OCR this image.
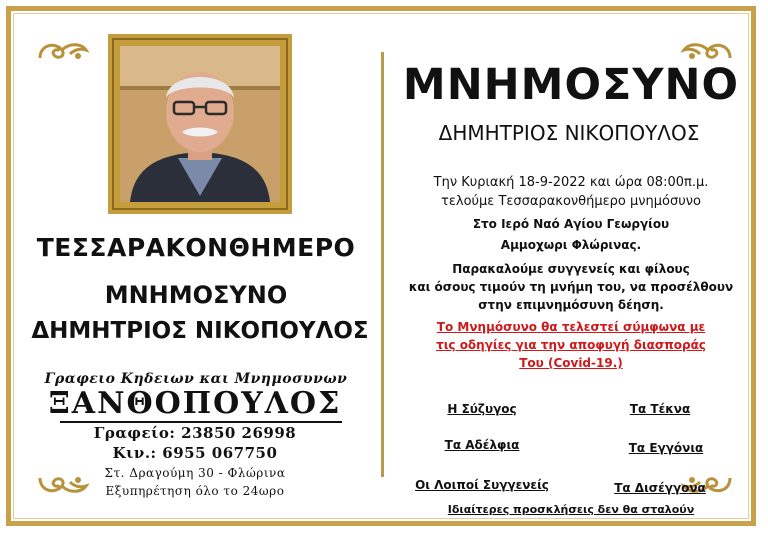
ΤΕΣΣΑΡΑΚΟΝΘΗΜΕΡΟ
ΜΝΗΜΟΣΥΝΟ
ΔΗΜΗΤΡΙΟΣ ΝΙΚΟΠΟΥΛΟΣ
Γραφειο Κηδειων και Μνημοσυνων
ΞΑΝΘΟΠΟΥΛΟΣ
Γραφείο: 23850 26998
Κιν.: 6955 067750
Στ. Δραγούμη 30 - Φλώρινα
Εξυπηρέτηση όλο το 24ωρο
ΜΝΗΜΟΣΥΝΟ
ΔΗΜΗΤΡΙΟΣ ΝΙΚΟΠΟΥΛΟΣ
Την Κυριακή 18-9-2022 και ώρα 08:00π.μ.
τελούμε Τεσσαρακονθήμερο μνημόσυνο
Στο Ιερό Ναό Αγίου Γεωργίου
Αμμοχωρι Φλώρινας.
Παρακαλούμε συγγενείς και φίλους
και όσους τιμούν τη μνήμη του, να προσέλθουν
στην επιμνημόσυνη δέηση.
Το Μνημόσυνο θα τελεστεί σύμφωνα με
τις οδηγίες για την αποφυγή διασποράς
Του (Covid-19.)
Η Σύζυγος	Τα Τέκνα
Τα Αδέλφια	Τα Εγγόνια
Οι Λοιποί Συγγενείς	Τα Δισέγγονα
Ιδιαίτερες προσκλήσεις δεν θα σταλούν
